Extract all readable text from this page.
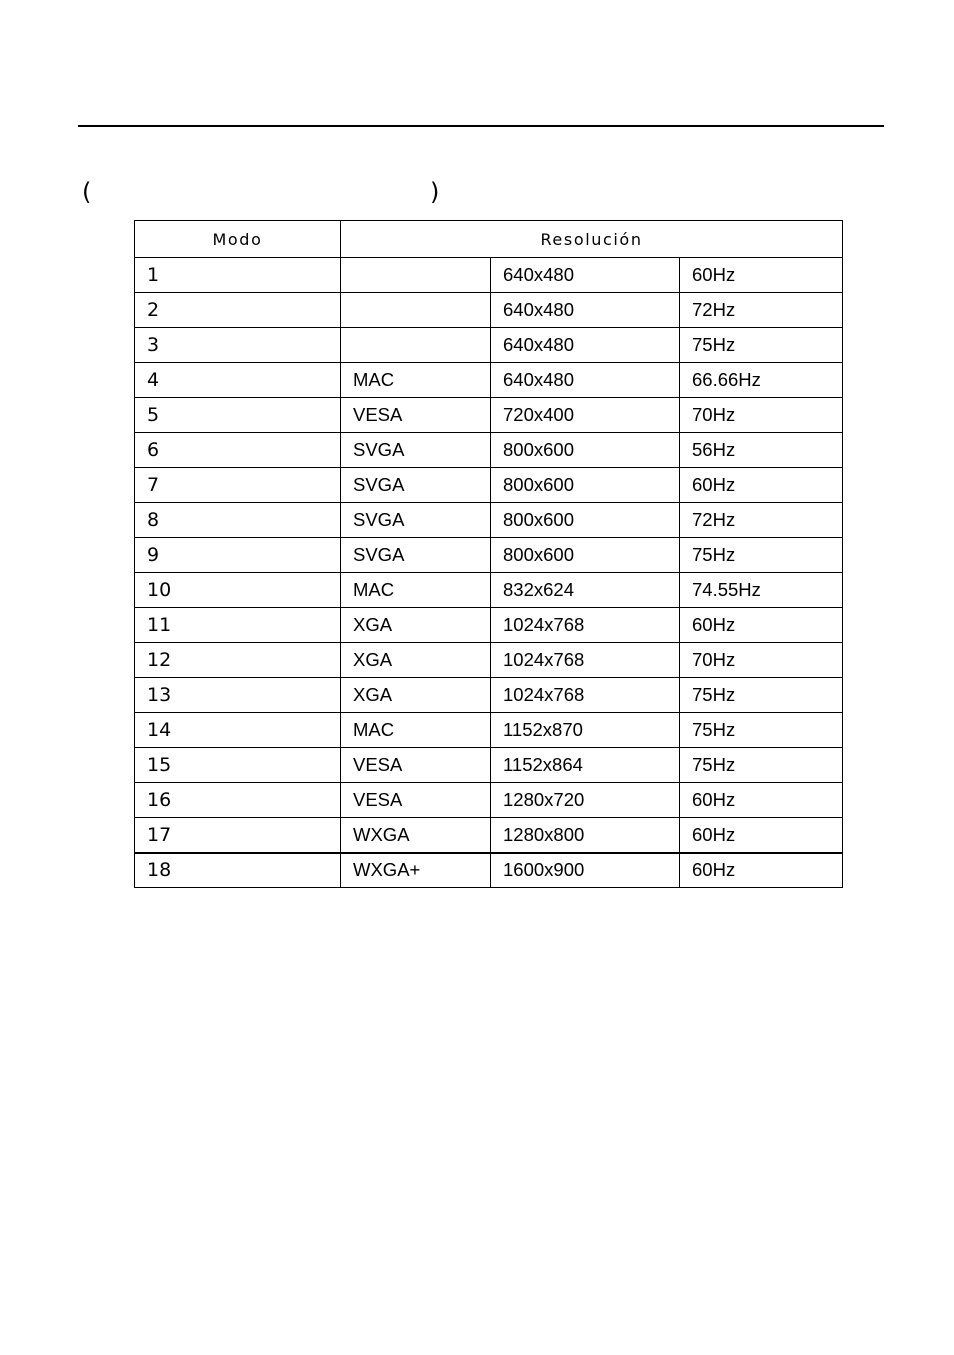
(	)
Modo	Resolución		
1		640x480	60Hz
2		640x480	72Hz
3		640x480	75Hz
4	MAC	640x480	66.66Hz
5	VESA	720x400	70Hz
6	SVGA	800x600	56Hz
7	SVGA	800x600	60Hz
8	SVGA	800x600	72Hz
9	SVGA	800x600	75Hz
10	MAC	832x624	74.55Hz
11	XGA	1024x768	60Hz
12	XGA	1024x768	70Hz
13	XGA	1024x768	75Hz
14	MAC	1152x870	75Hz
15	VESA	1152x864	75Hz
16	VESA	1280x720	60Hz
17	WXGA	1280x800	60Hz
18	WXGA+	1600x900	60Hz
